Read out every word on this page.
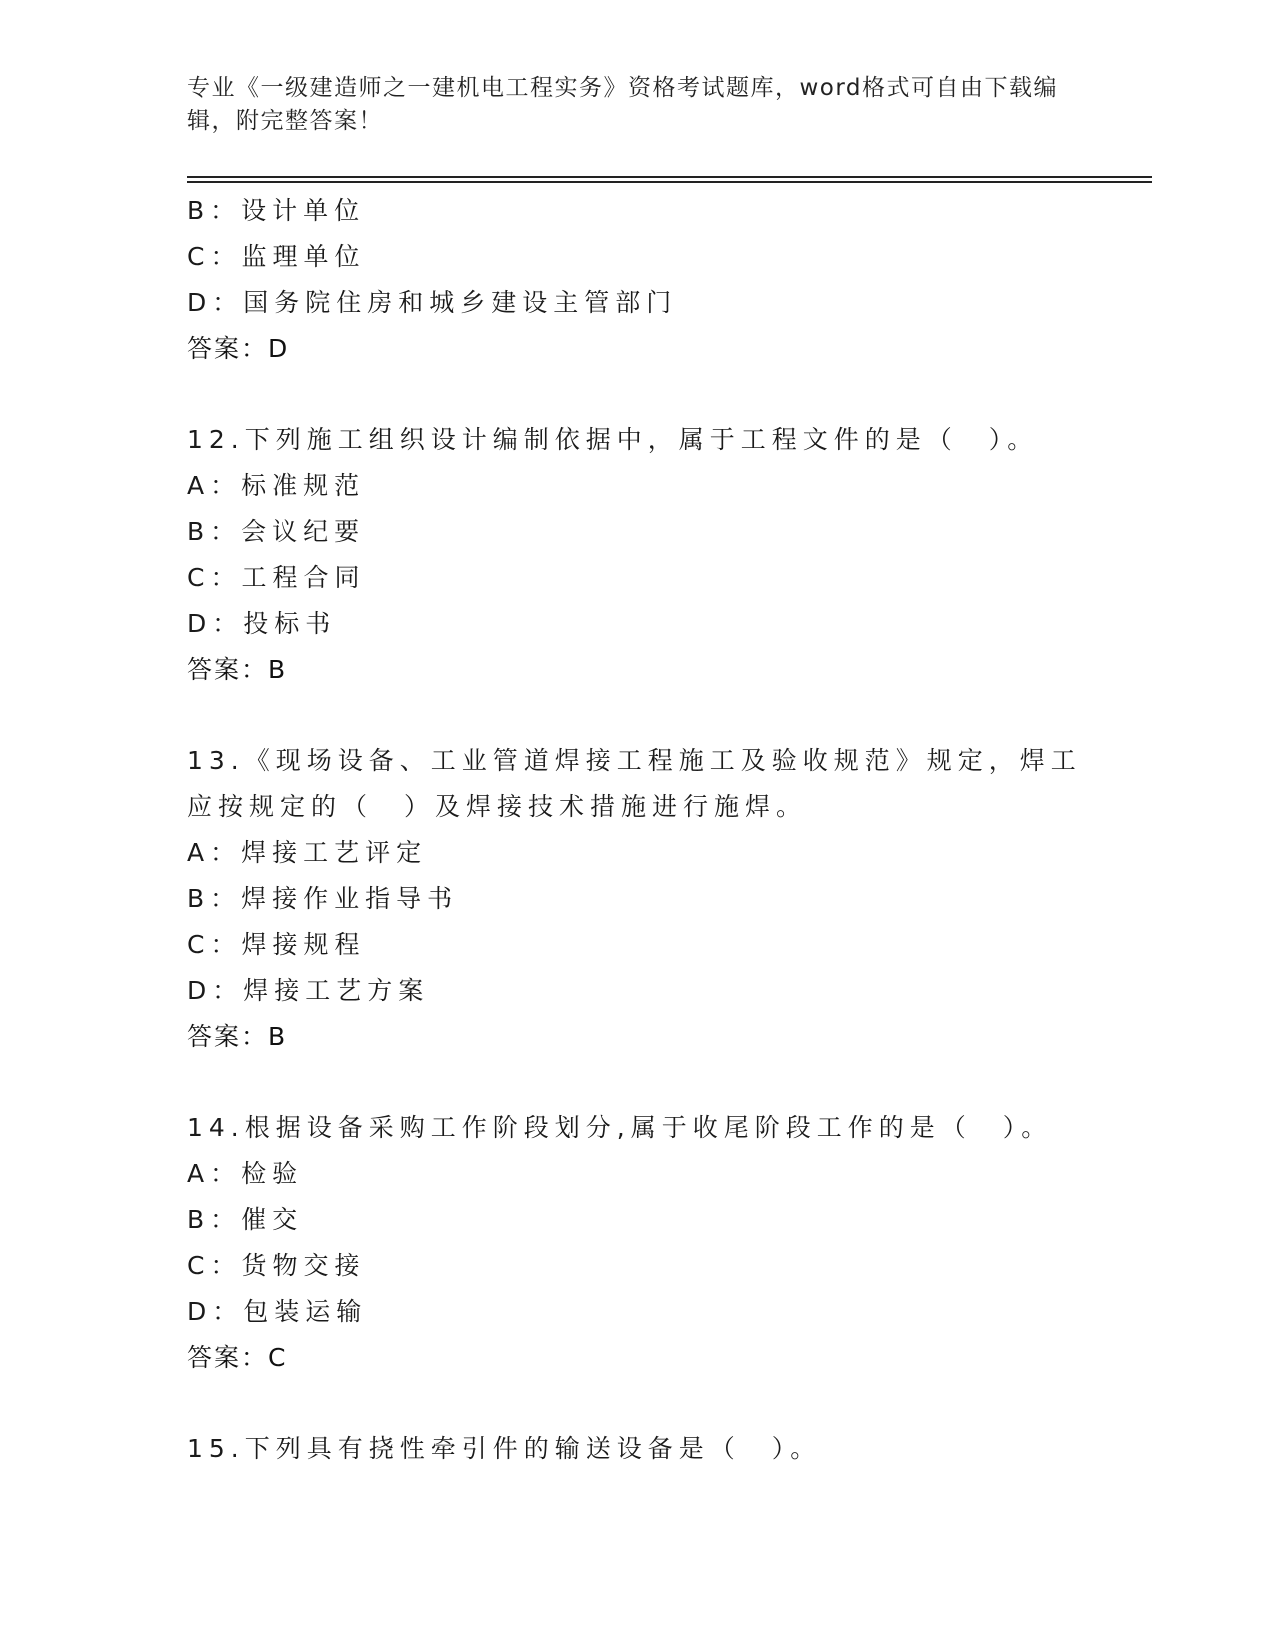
专业《一级建造师之一建机电工程实务》资格考试题库，word格式可自由下载编辑，附完整答案！
B：设计单位
C：监理单位
D：国务院住房和城乡建设主管部门
答案：D
12.下列施工组织设计编制依据中，属于工程文件的是（　）。
A：标准规范
B：会议纪要
C：工程合同
D：投标书
答案：B
13.《现场设备、工业管道焊接工程施工及验收规范》规定，焊工应按规定的（　）及焊接技术措施进行施焊。
A：焊接工艺评定
B：焊接作业指导书
C：焊接规程
D：焊接工艺方案
答案：B
14.根据设备采购工作阶段划分,属于收尾阶段工作的是（　）。
A：检验
B：催交
C：货物交接
D：包装运输
答案：C
15.下列具有挠性牵引件的输送设备是（　）。
